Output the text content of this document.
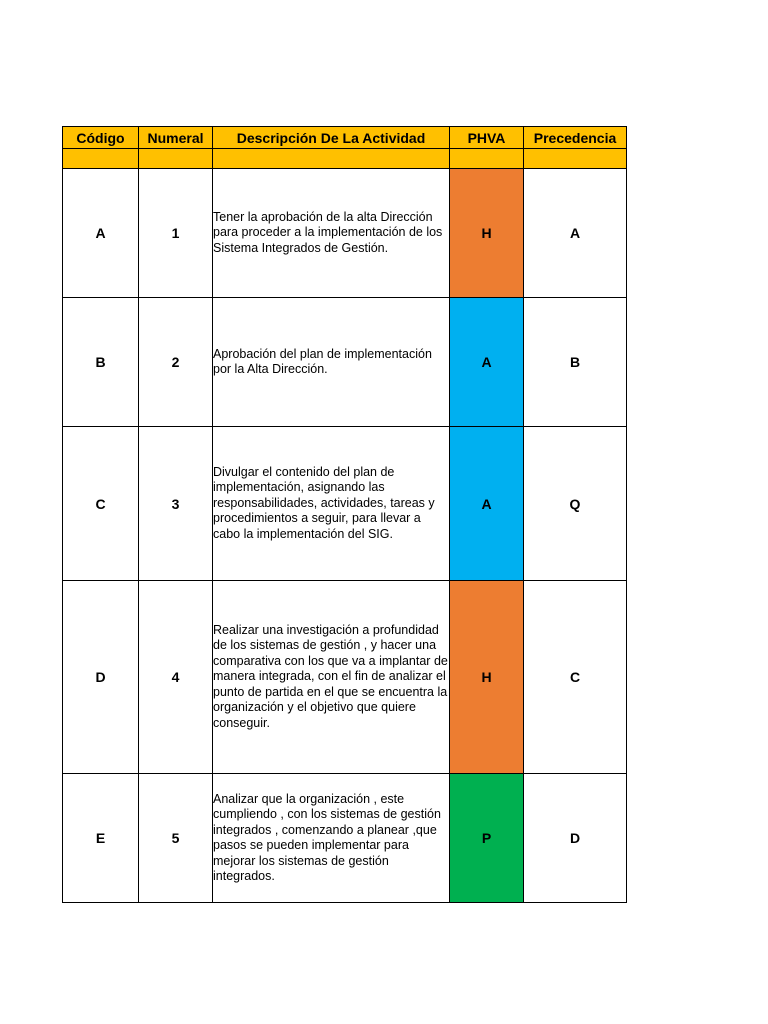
Código	Numeral	Descripción De La Actividad	PHVA	Precedencia

A	1	Tener la aprobación de la alta Dirección para proceder a la implementación de los Sistema Integrados de Gestión.	H	A
B	2	Aprobación del plan de implementación por la Alta Dirección.	A	B
C	3	Divulgar el contenido del plan de implementación, asignando las responsabilidades, actividades, tareas y procedimientos a seguir, para llevar a cabo la implementación del SIG.	A	Q
D	4	Realizar una investigación a profundidad de los sistemas de gestión , y hacer una comparativa con los que va a implantar de manera integrada, con el fin de analizar el punto de partida en el que se encuentra la organización y el objetivo que quiere conseguir.	H	C
E	5	Analizar que la organización , este cumpliendo , con los sistemas de gestión integrados , comenzando a planear ,que pasos se pueden implementar para mejorar los sistemas de gestión integrados.	P	D
